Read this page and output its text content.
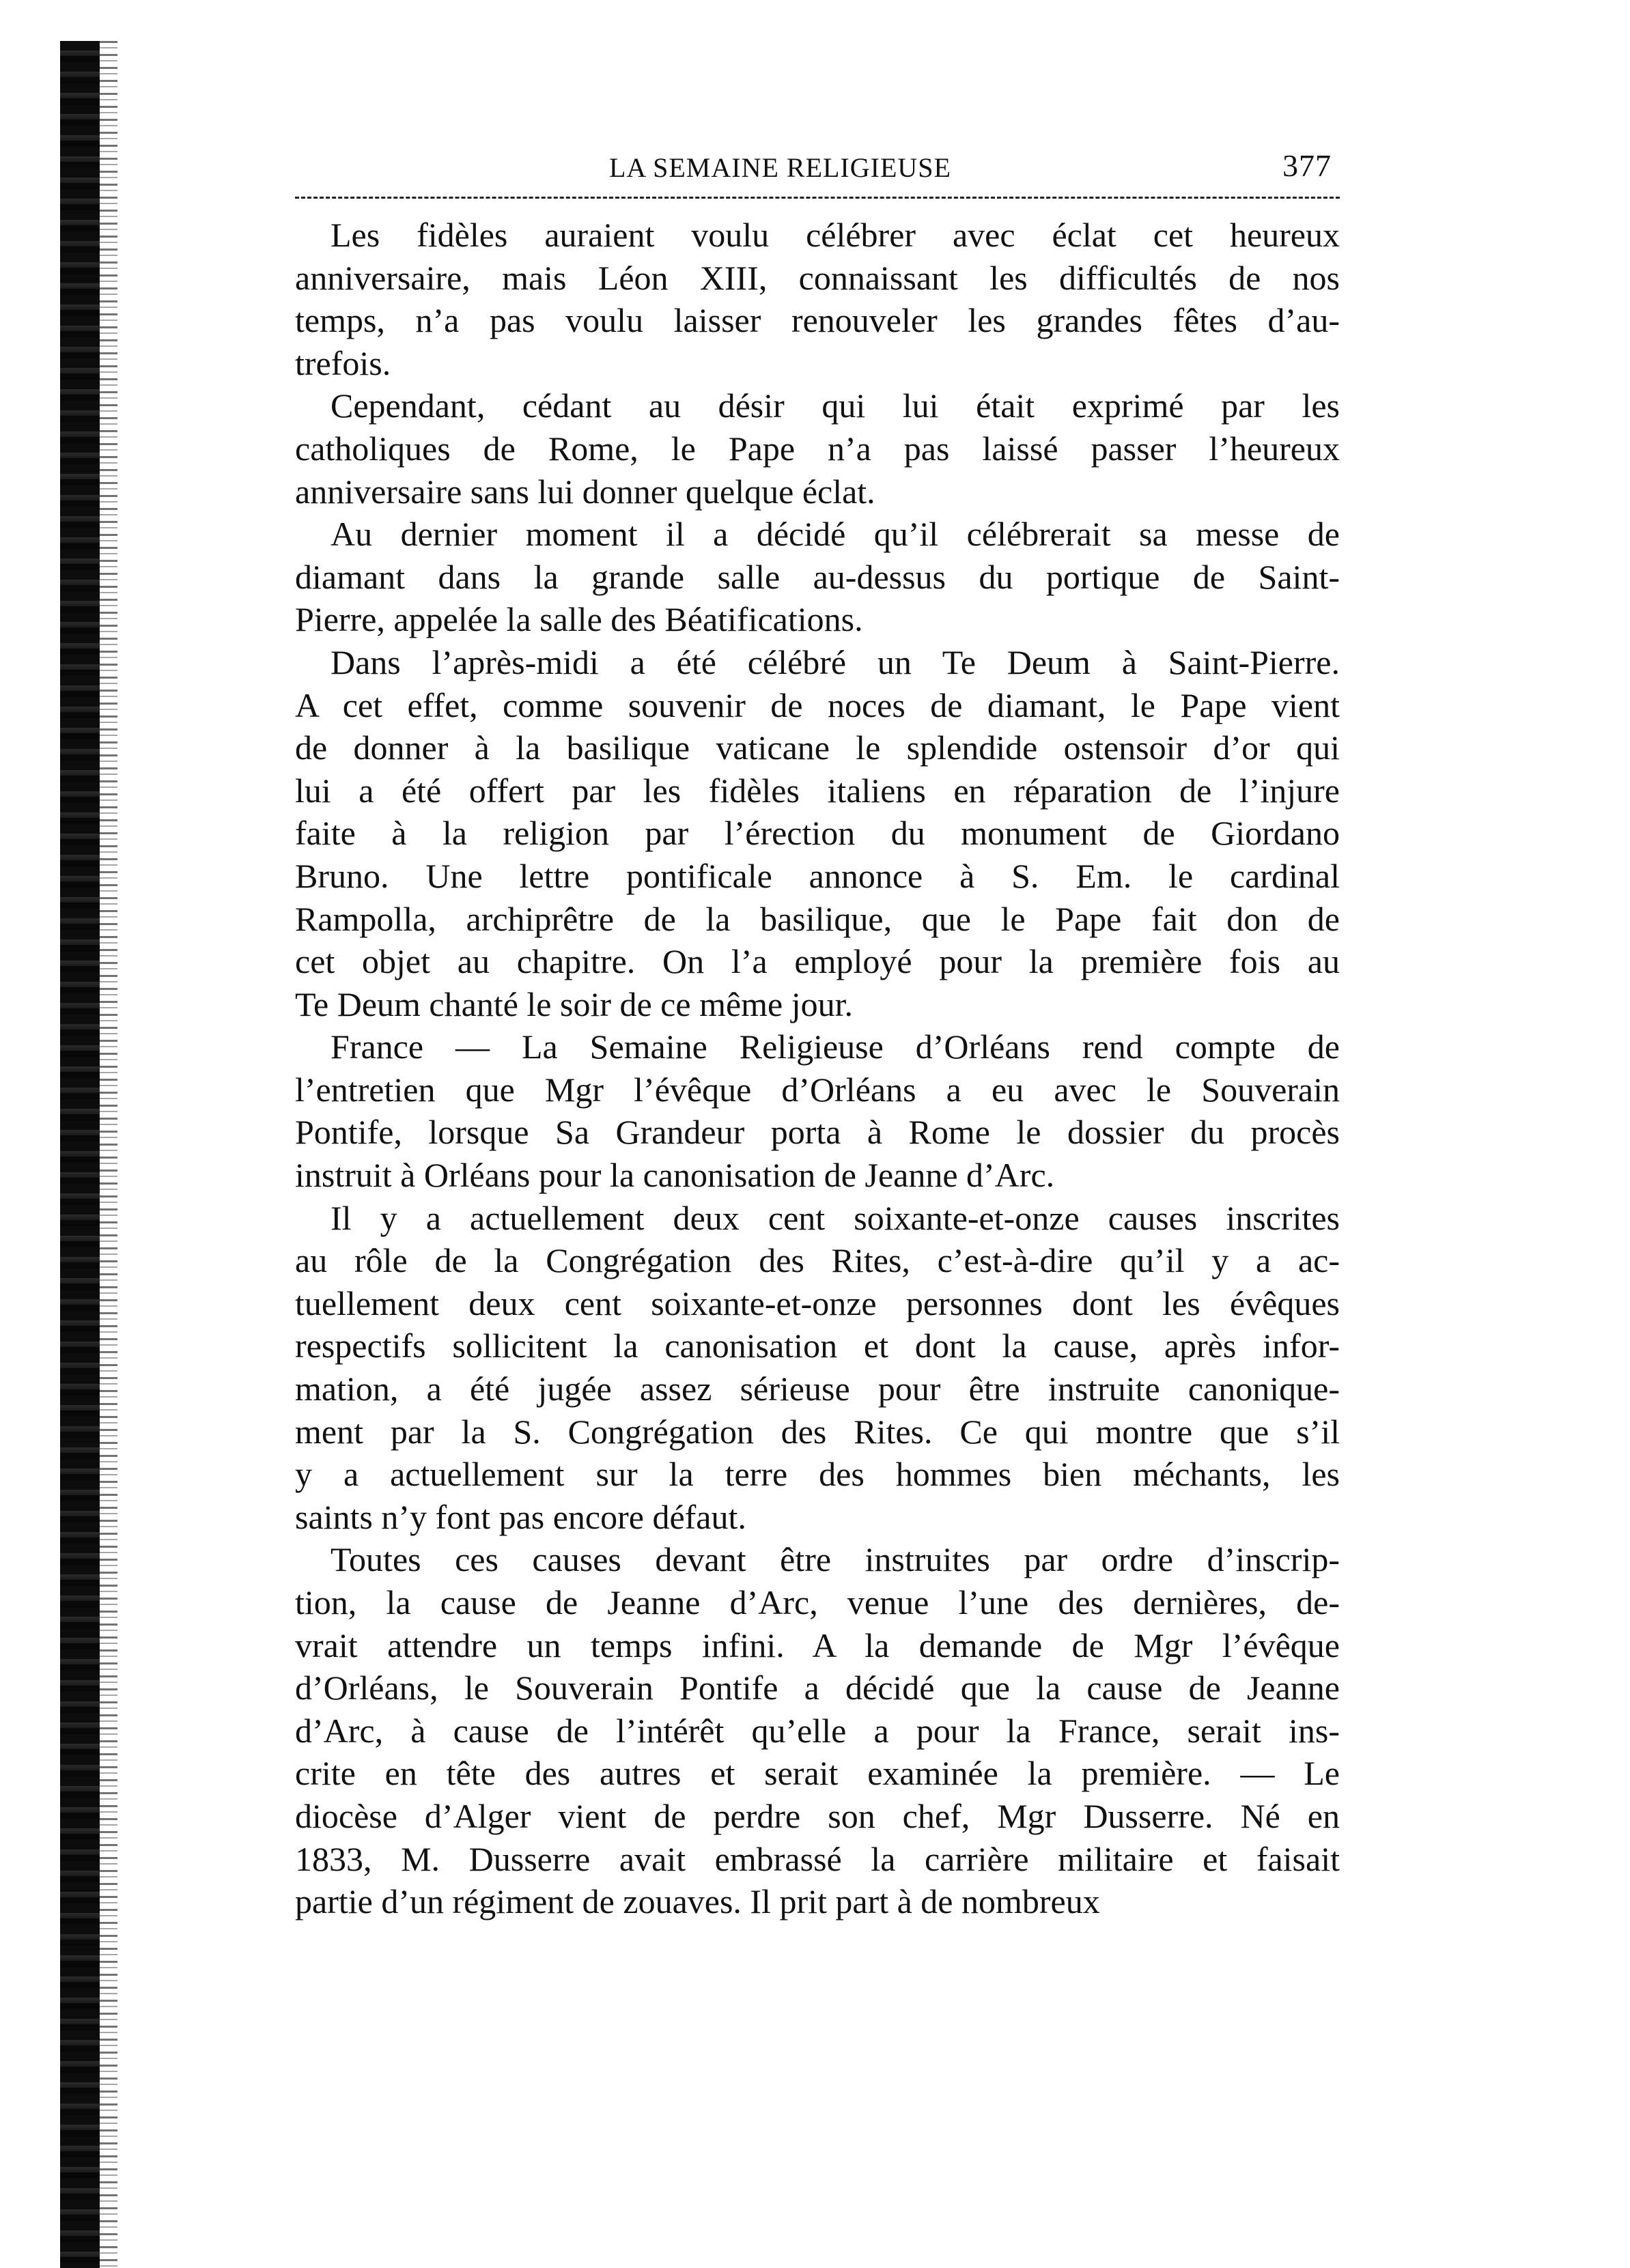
LA SEMAINE RELIGIEUSE	377

Les fidèles auraient voulu célébrer avec éclat cet heureux
anniversaire, mais Léon XIII, connaissant les difficultés de nos
temps, n’a pas voulu laisser renouveler les grandes fêtes d’au-
trefois.

Cependant, cédant au désir qui lui était exprimé par les
catholiques de Rome, le Pape n’a pas laissé passer l’heureux
anniversaire sans lui donner quelque éclat.

Au dernier moment il a décidé qu’il célébrerait sa messe de
diamant dans la grande salle au-dessus du portique de Saint-
Pierre, appelée la salle des Béatifications.

Dans l’après-midi a été célébré un Te Deum à Saint-Pierre.
A cet effet, comme souvenir de noces de diamant, le Pape vient
de donner à la basilique vaticane le splendide ostensoir d’or qui
lui a été offert par les fidèles italiens en réparation de l’injure
faite à la religion par l’érection du monument de Giordano
Bruno. Une lettre pontificale annonce à S. Em. le cardinal
Rampolla, archiprêtre de la basilique, que le Pape fait don de
cet objet au chapitre. On l’a employé pour la première fois au
Te Deum chanté le soir de ce même jour.

France — La Semaine Religieuse d’Orléans rend compte de
l’entretien que Mgr l’évêque d’Orléans a eu avec le Souverain
Pontife, lorsque Sa Grandeur porta à Rome le dossier du procès
instruit à Orléans pour la canonisation de Jeanne d’Arc.

Il y a actuellement deux cent soixante-et-onze causes inscrites
au rôle de la Congrégation des Rites, c’est-à-dire qu’il y a ac-
tuellement deux cent soixante-et-onze personnes dont les évêques
respectifs sollicitent la canonisation et dont la cause, après infor-
mation, a été jugée assez sérieuse pour être instruite canonique-
ment par la S. Congrégation des Rites. Ce qui montre que s’il
y a actuellement sur la terre des hommes bien méchants, les
saints n’y font pas encore défaut.

Toutes ces causes devant être instruites par ordre d’inscrip-
tion, la cause de Jeanne d’Arc, venue l’une des dernières, de-
vrait attendre un temps infini. A la demande de Mgr l’évêque
d’Orléans, le Souverain Pontife a décidé que la cause de Jeanne
d’Arc, à cause de l’intérêt qu’elle a pour la France, serait ins-
crite en tête des autres et serait examinée la première. — Le
diocèse d’Alger vient de perdre son chef, Mgr Dusserre. Né en
1833, M. Dusserre avait embrassé la carrière militaire et faisait
partie d’un régiment de zouaves. Il prit part à de nombreux
